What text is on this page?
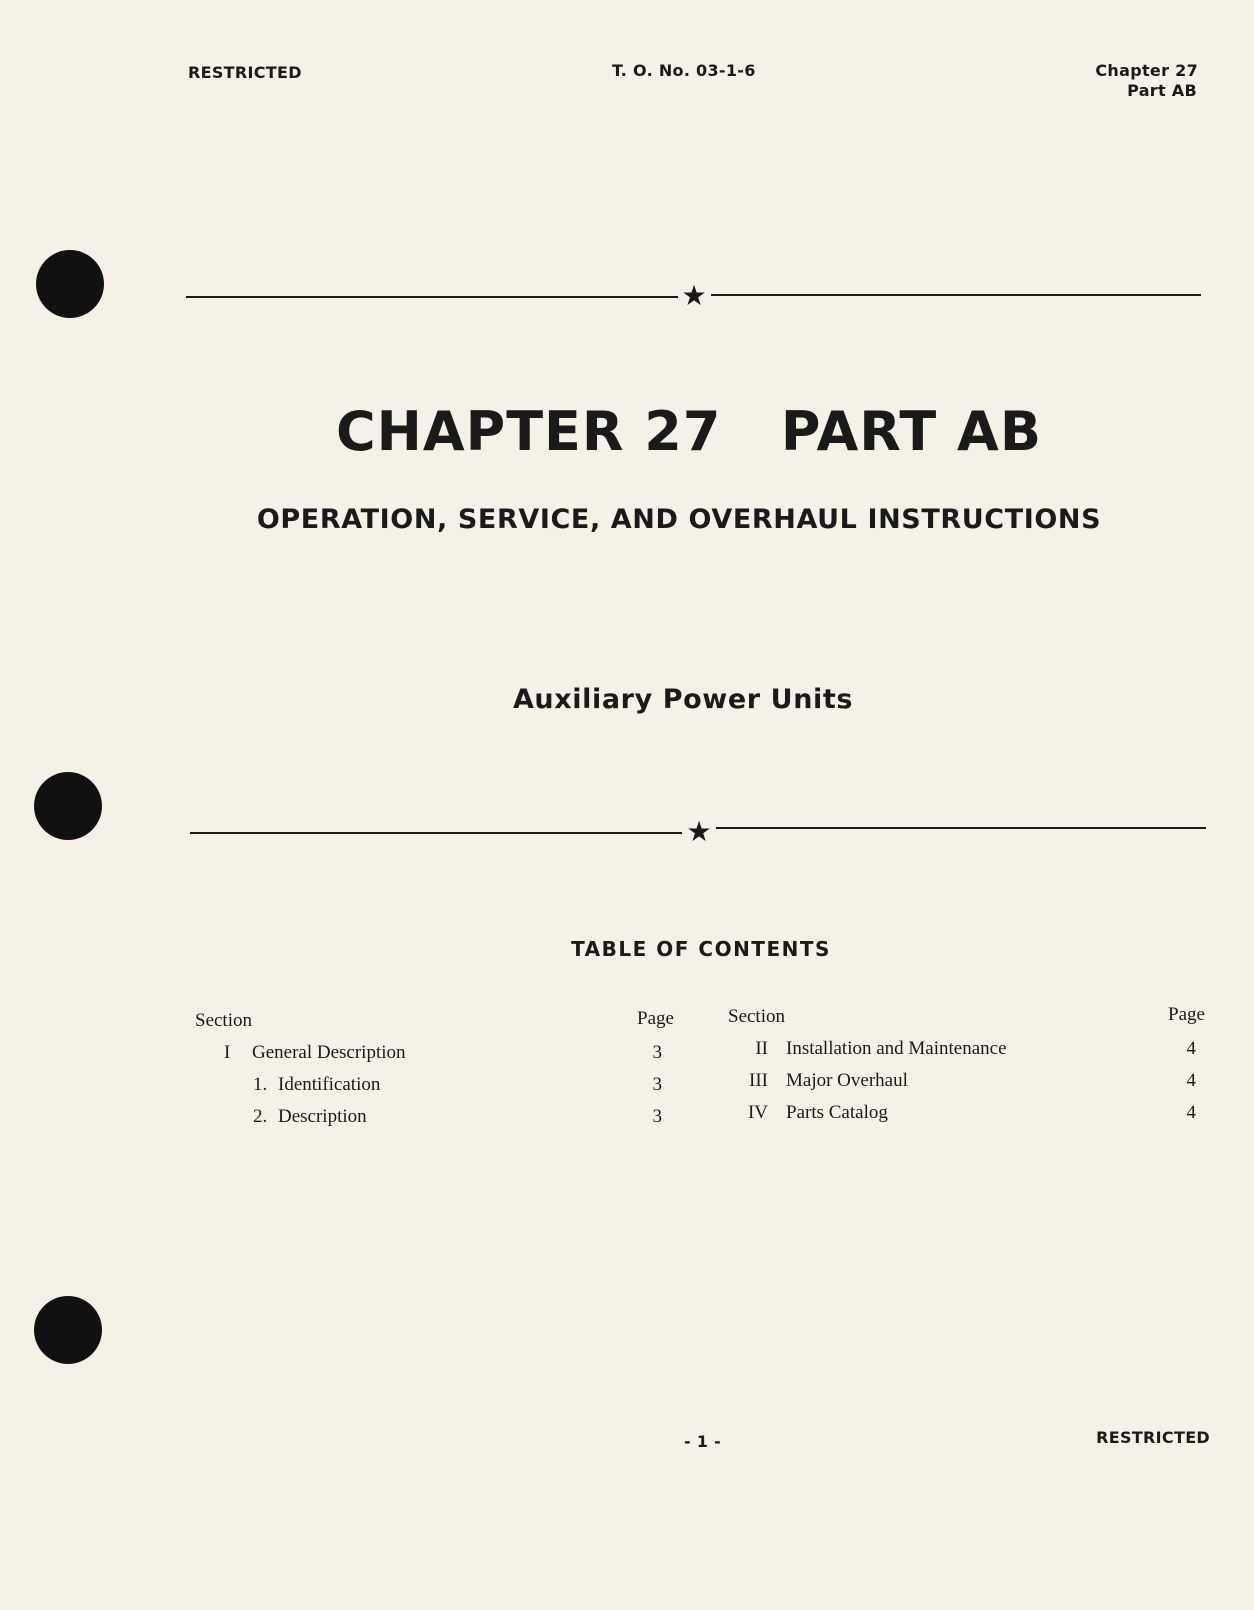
RESTRICTED	T. O. No. 03-1-6	Chapter 27
Part AB
★
CHAPTER 27   PART AB
OPERATION, SERVICE, AND OVERHAUL INSTRUCTIONS
Auxiliary Power Units
★
TABLE OF CONTENTS
Section	Page
I General Description	3
1. Identification	3
2. Description	3
Section	Page
II Installation and Maintenance	4
III Major Overhaul	4
IV Parts Catalog	4
- 1 -	RESTRICTED
